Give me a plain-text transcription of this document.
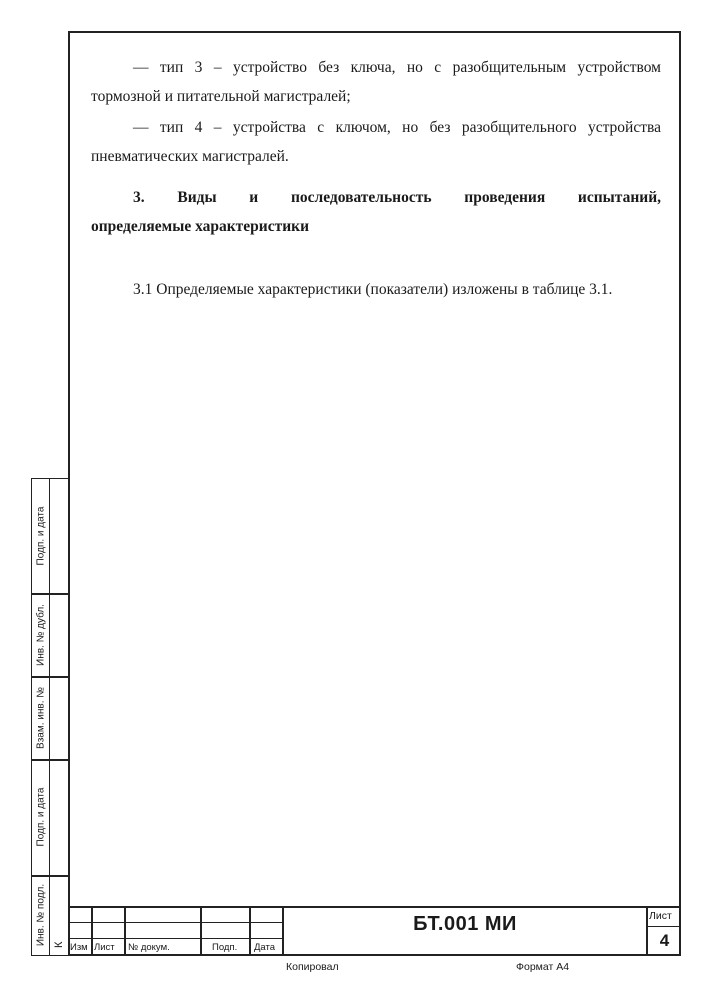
— тип 3 – устройство без ключа, но с разобщительным устройством
тормозной и питательной магистралей;
— тип 4 – устройства с ключом, но без разобщительного устройства
пневматических магистралей.
3. Виды и последовательность проведения испытаний,
определяемые характеристики
3.1 Определяемые характеристики (показатели) изложены в таблице 3.1.
Подп. и дата
Инв. № дубл.
Взам. инв. №
Подп. и дата
Инв. № подл. К Изм Лист № докум.	Подп. Дата
БТ.001 МИ	Лист
4
Копировал	Формат А4
